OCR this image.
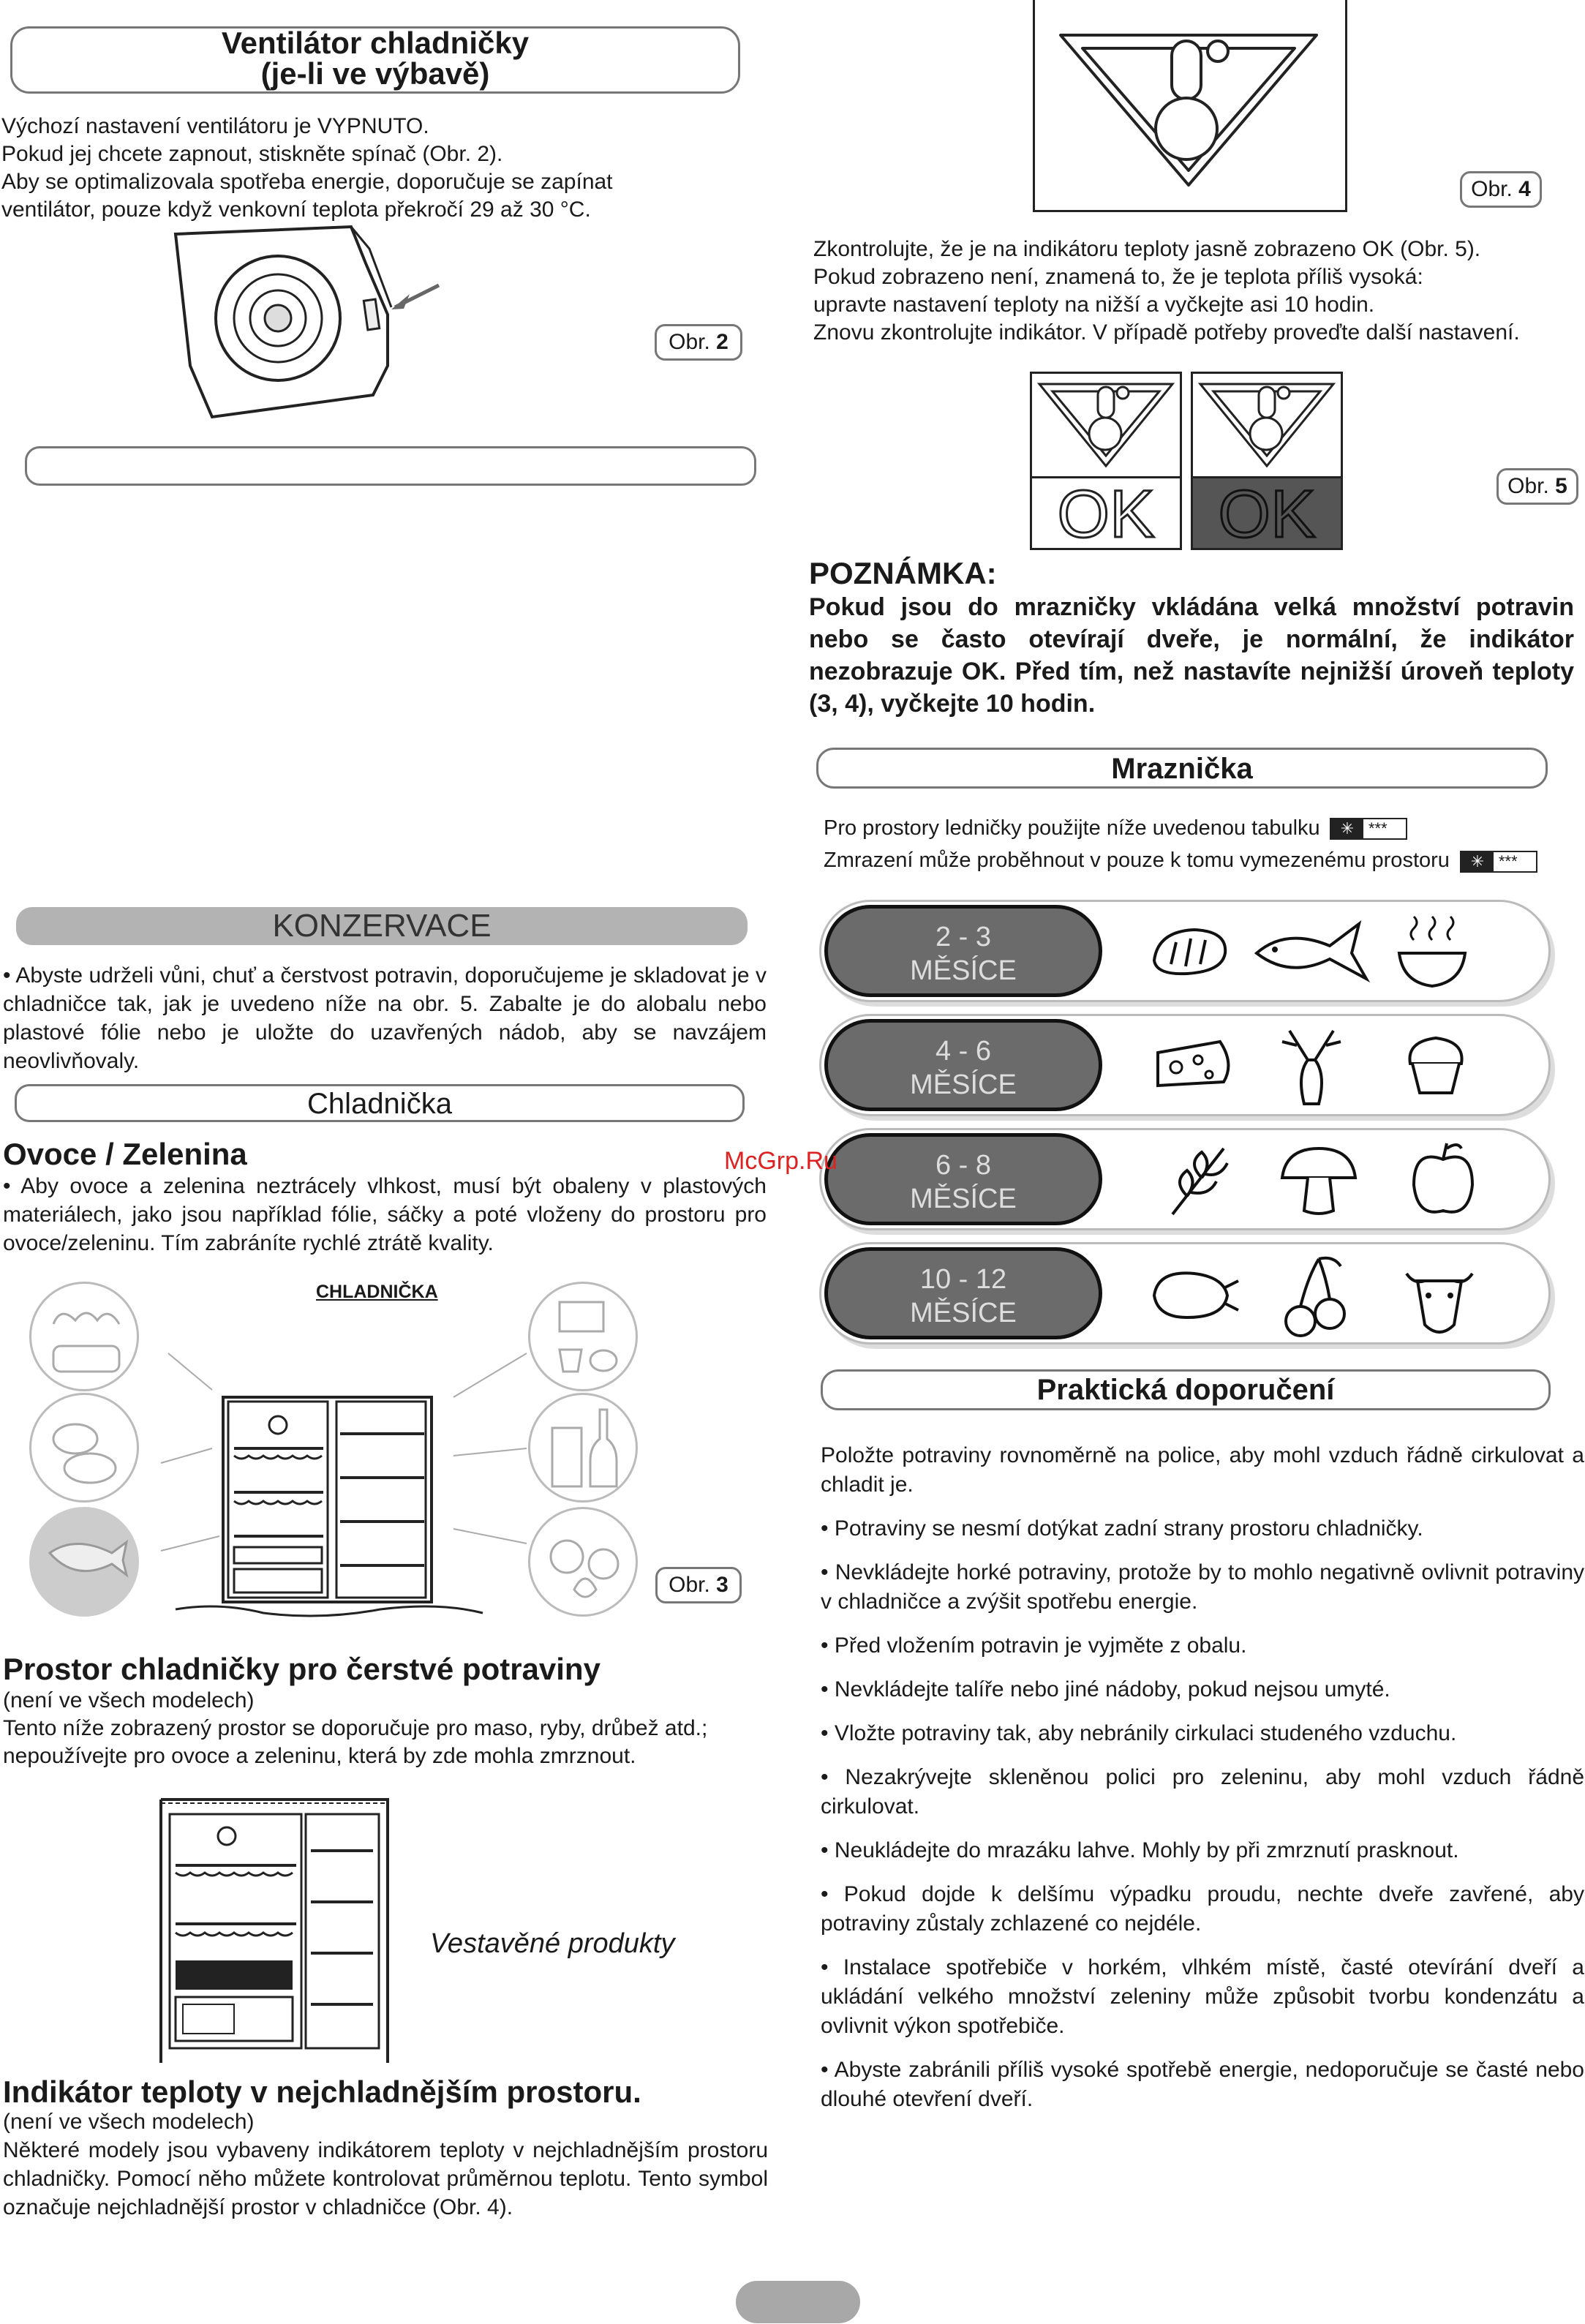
Ventilátor chladničky
(je-li ve výbavě)
Výchozí nastavení ventilátoru je VYPNUTO.
Pokud jej chcete zapnout, stiskněte spínač (Obr. 2).
Aby se optimalizovala spotřeba energie, doporučuje se zapínat
ventilátor, pouze když venkovní teplota překročí 29 až 30 °C.
Obr. 2
Obr. 4
Zkontrolujte, že je na indikátoru teploty jasně zobrazeno OK (Obr. 5).
Pokud zobrazeno není, znamená to, že je teplota příliš vysoká:
upravte nastavení teploty na nižší a vyčkejte asi 10 hodin.
Znovu zkontrolujte indikátor. V případě potřeby proveďte další nastavení.
OK OK	Obr. 5
POZNÁMKA:
Pokud jsou do mrazničky vkládána velká množství potravin nebo se často otevírají dveře, je normální, že indikátor nezobrazuje OK. Před tím, než nastavíte nejnižší úroveň teploty (3, 4), vyčkejte 10 hodin.
Mraznička
Pro prostory ledničky použijte níže uvedenou tabulku	✳ ***
Zmrazení může proběhnout v pouze k tomu vymezenému prostoru	✳ ***
2 - 3
MĚSÍCE
4 - 6
MĚSÍCE
6 - 8
MĚSÍCE
10 - 12
MĚSÍCE
KONZERVACE
• Abyste udrželi vůni, chuť a čerstvost potravin, doporučujeme je skladovat je v chladničce tak, jak je uvedeno níže na obr. 5. Zabalte je do alobalu nebo plastové fólie nebo je uložte do uzavřených nádob, aby se navzájem neovlivňovaly.
Chladnička
Ovoce / Zelenina
• Aby ovoce a zelenina neztrácely vlhkost, musí být obaleny v plastových materiálech, jako jsou například fólie, sáčky a poté vloženy do prostoru pro ovoce/zeleninu. Tím zabráníte rychlé ztrátě kvality.
McGrp.Ru
CHLADNIČKA
Obr. 3
Prostor chladničky pro čerstvé potraviny
(není ve všech modelech)
Tento níže zobrazený prostor se doporučuje pro maso, ryby, drůbež atd.;
nepoužívejte pro ovoce a zeleninu, která by zde mohla zmrznout.
Vestavěné produkty
Indikátor teploty v nejchladnějším prostoru.
(není ve všech modelech)
Některé modely jsou vybaveny indikátorem teploty v nejchladnějším prostoru chladničky. Pomocí něho můžete kontrolovat průměrnou teplotu. Tento symbol označuje nejchladnější prostor v chladničce (Obr. 4).
Praktická doporučení
Položte potraviny rovnoměrně na police, aby mohl vzduch řádně cirkulovat a chladit je.
• Potraviny se nesmí dotýkat zadní strany prostoru chladničky.
• Nevkládejte horké potraviny, protože by to mohlo negativně ovlivnit potraviny v chladničce a zvýšit spotřebu energie.
• Před vložením potravin je vyjměte z obalu.
• Nevkládejte talíře nebo jiné nádoby, pokud nejsou umyté.
• Vložte potraviny tak, aby nebránily cirkulaci studeného vzduchu.
• Nezakrývejte skleněnou polici pro zeleninu, aby mohl vzduch řádně cirkulovat.
• Neukládejte do mrazáku lahve. Mohly by při zmrznutí prasknout.
• Pokud dojde k delšímu výpadku proudu, nechte dveře zavřené, aby potraviny zůstaly zchlazené co nejdéle.
• Instalace spotřebiče v horkém, vlhkém místě, časté otevírání dveří a ukládání velkého množství zeleniny může způsobit tvorbu kondenzátu a ovlivnit výkon spotřebiče.
• Abyste zabránili příliš vysoké spotřebě energie, nedoporučuje se časté nebo dlouhé otevření dveří.
